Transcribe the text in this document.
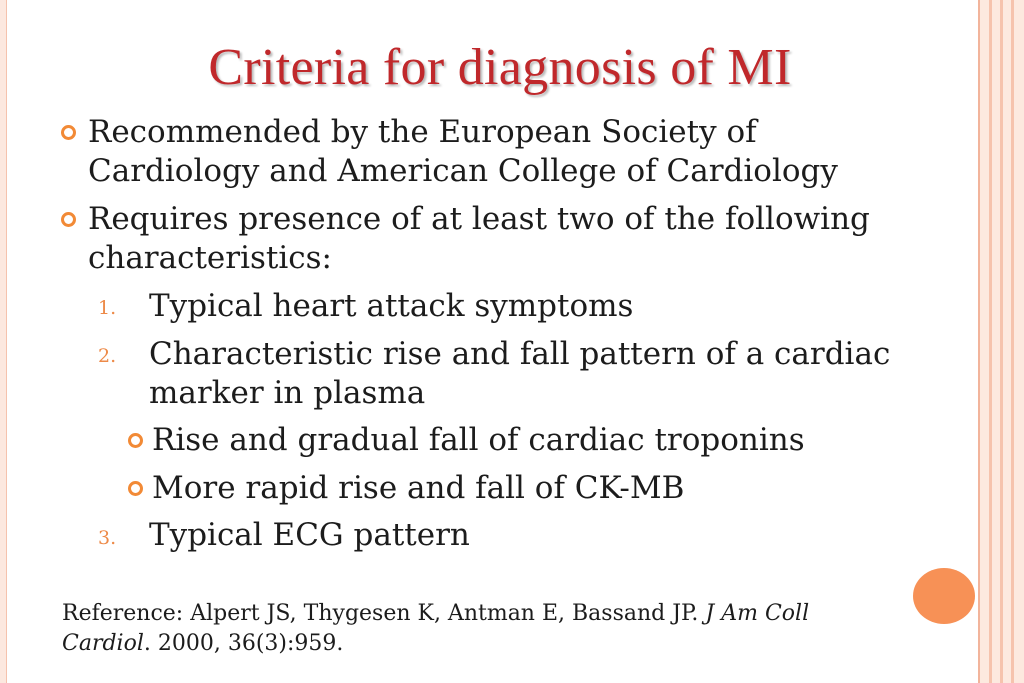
Criteria for diagnosis of MI
Recommended by the European Society of
Cardiology and American College of Cardiology
Requires presence of at least two of the following
characteristics:
1. Typical heart attack symptoms
2. Characteristic rise and fall pattern of a cardiac
marker in plasma
Rise and gradual fall of cardiac troponins
More rapid rise and fall of CK-MB
3. Typical ECG pattern
Reference: Alpert JS, Thygesen K, Antman E, Bassand JP. J Am Coll
Cardiol. 2000, 36(3):959.
